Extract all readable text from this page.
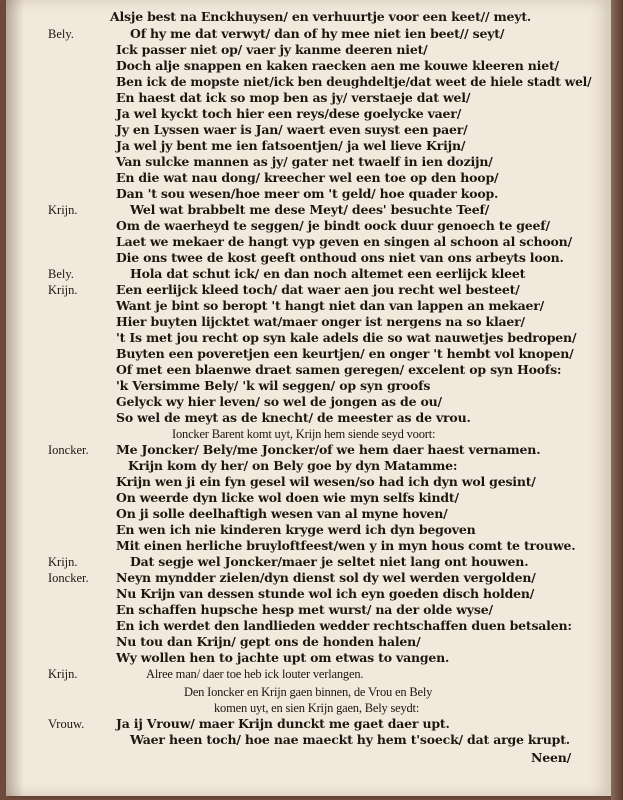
Alsje best na Enckhuysen/ en verhuurtje voor een keet// meyt.
Bely.	Of hy me dat verwyt/ dan of hy mee niet ien beet// seyt/
Ick passer niet op/ vaer jy kanme deeren niet/
Doch alje snappen en kaken raecken aen me kouwe kleeren niet/
Ben ick de mopste niet/ick ben deughdeltje/dat weet de hiele stadt wel/
En haest dat ick so mop ben as jy/ verstaeje dat wel/
Ja wel kyckt toch hier een reys/dese goelycke vaer/
Jy en Lyssen waer is Jan/ waert even suyst een paer/
Ja wel jy bent me ien fatsoentjen/ ja wel lieve Krijn/
Van sulcke mannen as jy/ gater net twaelf in ien dozijn/
En die wat nau dong/ kreecher wel een toe op den hoop/
Dan 't sou wesen/hoe meer om 't geld/ hoe quader koop.
Krijn.	Wel wat brabbelt me dese Meyt/ dees' besuchte Teef/
Om de waerheyd te seggen/ je bindt oock duur genoech te geef/
Laet we mekaer de hangt vyp geven en singen al schoon al schoon/
Die ons twee de kost geeft onthoud ons niet van ons arbeyts loon.
Bely.	Hola dat schut ick/ en dan noch altemet een eerlijck kleet
Krijn.	Een eerlijck kleed toch/ dat waer aen jou recht wel besteet/
Want je bint so beropt 't hangt niet dan van lappen an mekaer/
Hier buyten lijcktet wat/maer onger ist nergens na so klaer/
't Is met jou recht op syn kale adels die so wat nauwetjes bedropen/
Buyten een poveretjen een keurtjen/ en onger 't hembt vol knopen/
Of met een blaenwe draet samen geregen/ excelent op syn Hoofs:
'k Versimme Bely/ 'k wil seggen/ op syn groofs
Gelyck wy hier leven/ so wel de jongen as de ou/
So wel de meyt as de knecht/ de meester as de vrou.
Ioncker Barent komt uyt, Krijn hem siende seyd voort:
Ioncker. Me Joncker/ Bely/me Joncker/of we hem daer haest vernamen.
Krijn kom dy her/ on Bely goe by dyn Matamme:
Krijn wen ji ein fyn gesel wil wesen/so had ich dyn wol gesint/
On weerde dyn licke wol doen wie myn selfs kindt/
On ji solle deelhaftigh wesen van al myne hoven/
En wen ich nie kinderen kryge werd ich dyn begoven
Mit einen herliche bruyloftfeest/wen y in myn hous comt te trouwe.
Krijn.	Dat segje wel Joncker/maer je seltet niet lang ont houwen.
Ioncker. Neyn myndder zielen/dyn dienst sol dy wel werden vergolden/
Nu Krijn van dessen stunde wol ich eyn goeden disch holden/
En schaffen hupsche hesp met wurst/ na der olde wyse/
En ich werdet den landlieden wedder rechtschaffen duen betsalen:
Nu tou dan Krijn/ gept ons de honden halen/
Wy wollen hen to jachte upt om etwas to vangen.
Krijn.	Alree man/ daer toe heb ick louter verlangen.
Den Ioncker en Krijn gaen binnen, de Vrou en Bely
komen uyt, en sien Krijn gaen, Bely seydt:
Vrouw.	Ja ij Vrouw/ maer Krijn dunckt me gaet daer upt.
Waer heen toch/ hoe nae maeckt hy hem t'soeck/ dat arge krupt.
Neen/
